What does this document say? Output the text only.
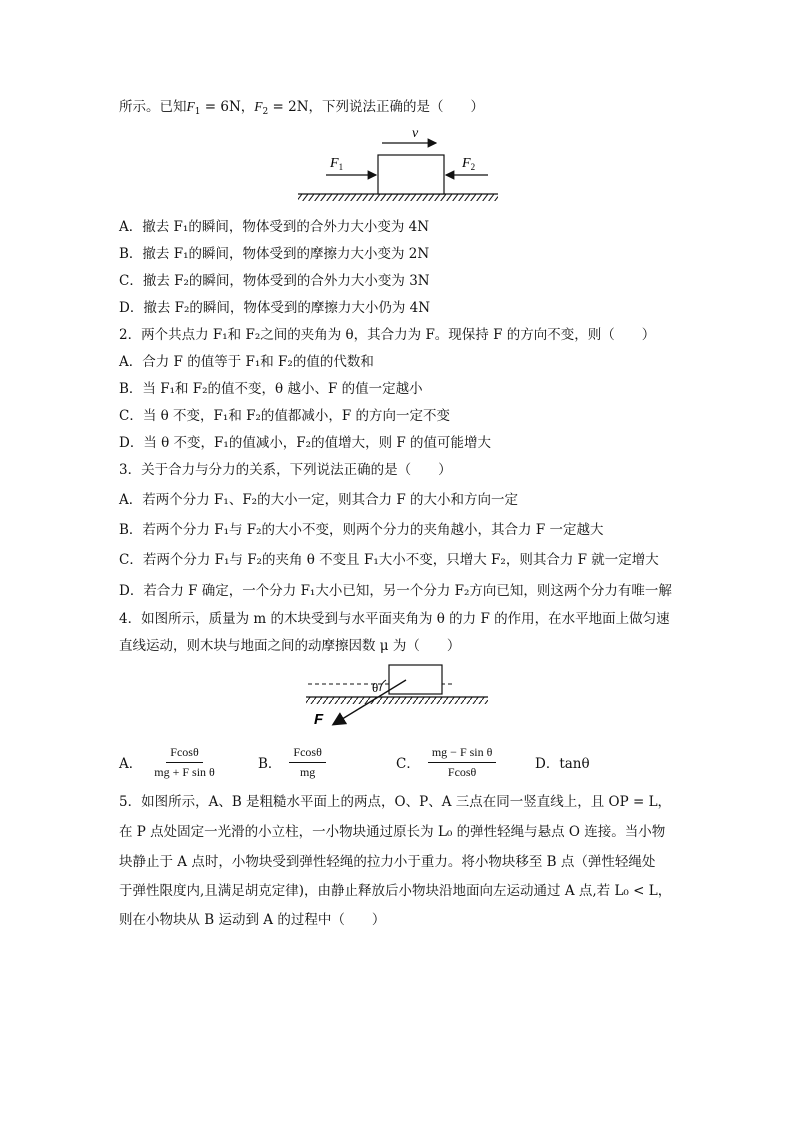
所示。已知$F_1 = 6N$，$F_2 = 2N$，下列说法正确的是（　　）
v
$F_1$	$F_2$
A．撤去 F₁的瞬间，物体受到的合外力大小变为 4N
B．撤去 F₁的瞬间，物体受到的摩擦力大小变为 2N
C．撤去 F₂的瞬间，物体受到的合外力大小变为 3N
D．撤去 F₂的瞬间，物体受到的摩擦力大小仍为 4N
2．两个共点力 F₁和 F₂之间的夹角为 θ，其合力为 F。现保持 F 的方向不变，则（　　）
A．合力 F 的值等于 F₁和 F₂的值的代数和
B．当 F₁和 F₂的值不变，θ 越小、F 的值一定越小
C．当 θ 不变，F₁和 F₂的值都减小，F 的方向一定不变
D．当 θ 不变，F₁的值减小，F₂的值增大，则 F 的值可能增大
3．关于合力与分力的关系，下列说法正确的是（　　）
A．若两个分力 F₁、F₂的大小一定，则其合力 F 的大小和方向一定
B．若两个分力 F₁与 F₂的大小不变，则两个分力的夹角越小，其合力 F 一定越大
C．若两个分力 F₁与 F₂的夹角 θ 不变且 F₁大小不变，只增大 F₂，则其合力 F 就一定增大
D．若合力 F 确定，一个分力 F₁大小已知，另一个分力 F₂方向已知，则这两个分力有唯一解
4．如图所示，质量为 m 的木块受到与水平面夹角为 θ 的力 F 的作用，在水平地面上做匀速
直线运动，则木块与地面之间的动摩擦因数 μ 为（　　）
θ
F
A． $\frac{Fcos\theta}{\text{mg + F sin θ}}$	B． $\frac{Fcos\theta}{mg}$	C． $\frac{\text{mg − F sin θ}}{Fcos\theta}$	D．tanθ
5．如图所示，A、B 是粗糙水平面上的两点，O、P、A 三点在同一竖直线上，且 OP = L，
在 P 点处固定一光滑的小立柱，一小物块通过原长为 L₀ 的弹性轻绳与悬点 O 连接。当小物
块静止于 A 点时，小物块受到弹性轻绳的拉力小于重力。将小物块移至 B 点（弹性轻绳处
于弹性限度内,且满足胡克定律)，由静止释放后小物块沿地面向左运动通过 A 点,若 L₀ < L，
则在小物块从 B 运动到 A 的过程中（　　）
